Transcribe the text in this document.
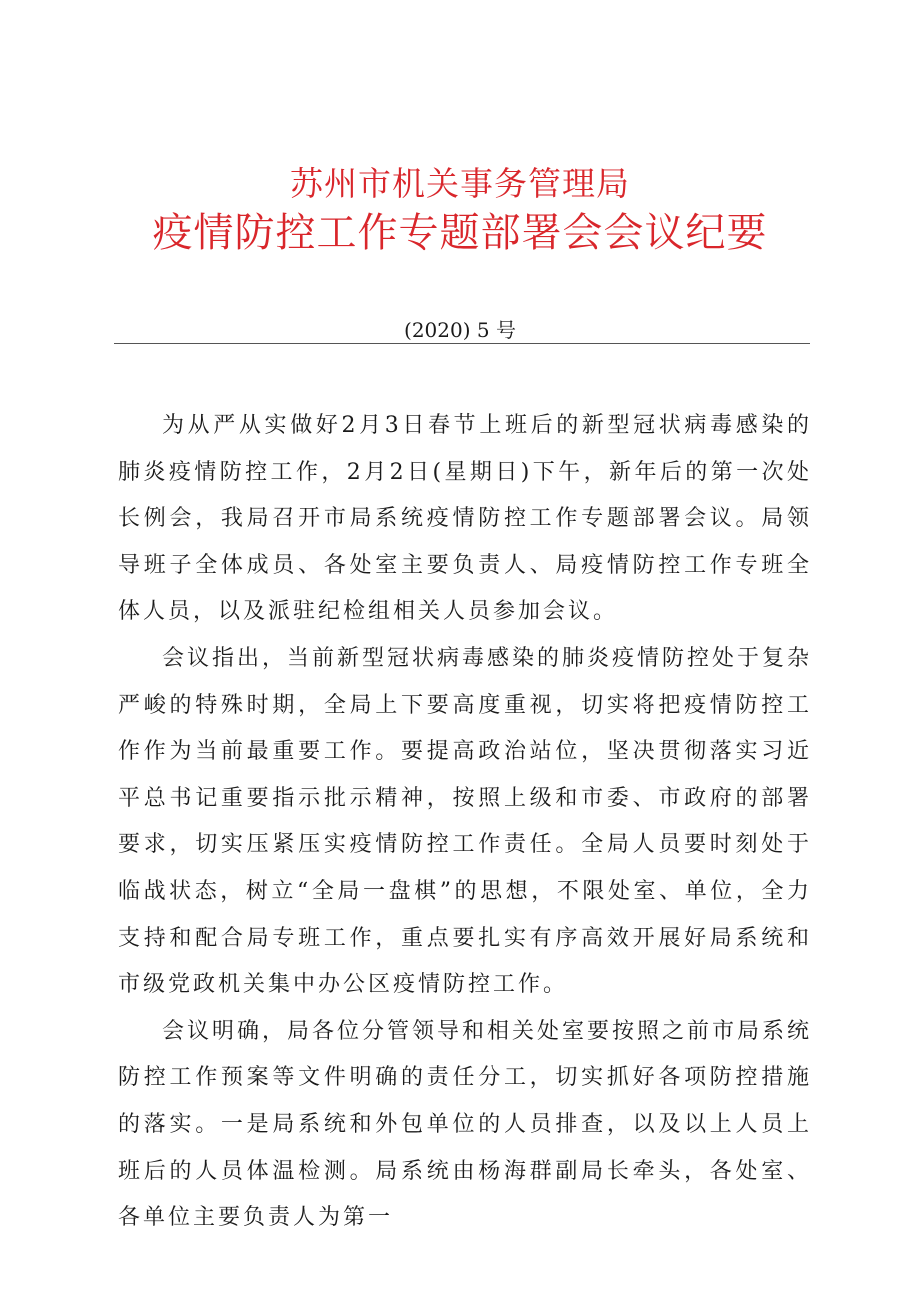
苏州市机关事务管理局
疫情防控工作专题部署会会议纪要
(2020) 5 号

为从严从实做好2月3日春节上班后的新型冠状病毒感染的肺炎疫情防控工作，2月2日(星期日)下午，新年后的第一次处长例会，我局召开市局系统疫情防控工作专题部署会议。局领导班子全体成员、各处室主要负责人、局疫情防控工作专班全体人员，以及派驻纪检组相关人员参加会议。

会议指出，当前新型冠状病毒感染的肺炎疫情防控处于复杂严峻的特殊时期，全局上下要高度重视，切实将把疫情防控工作作为当前最重要工作。要提高政治站位，坚决贯彻落实习近平总书记重要指示批示精神，按照上级和市委、市政府的部署要求，切实压紧压实疫情防控工作责任。全局人员要时刻处于临战状态，树立“全局一盘棋”的思想，不限处室、单位，全力支持和配合局专班工作，重点要扎实有序高效开展好局系统和市级党政机关集中办公区疫情防控工作。

会议明确，局各位分管领导和相关处室要按照之前市局系统防控工作预案等文件明确的责任分工，切实抓好各项防控措施的落实。一是局系统和外包单位的人员排查，以及以上人员上班后的人员体温检测。局系统由杨海群副局长牵头，各处室、各单位主要负责人为第一
